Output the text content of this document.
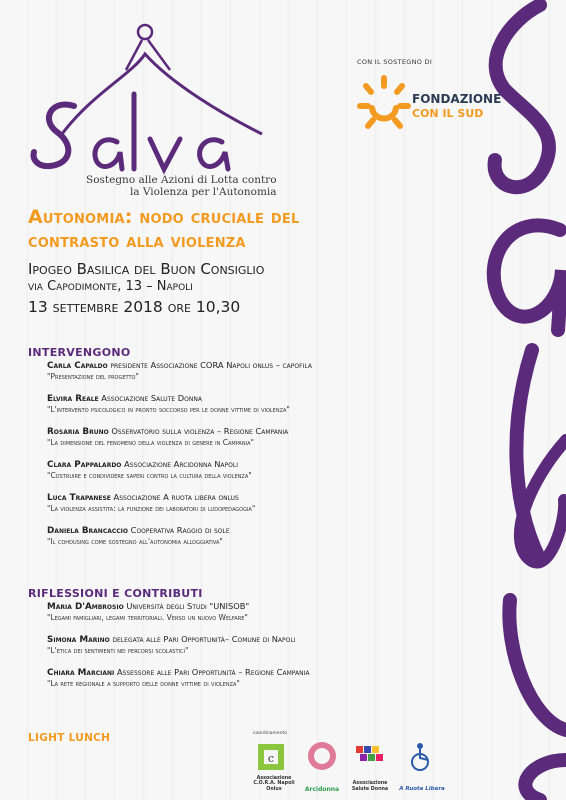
Sostegno alle Azioni di Lotta contro
la Violenza per l'Autonomia
CON IL SOSTEGNO DI
FONDAZIONE
CON IL SUD
Autonomia: nodo cruciale del
contrasto alla violenza
Ipogeo Basilica del Buon Consiglio
via Capodimonte, 13 – Napoli
13 settembre 2018 ore 10,30
INTERVENGONO
Carla Capaldo presidente Associazione CORA Napoli onlus – capofila
"Presentazione del progetto"
Elvira Reale Associazione Salute Donna
"L'intervento psicologico in pronto soccorso per le donne vittime di violenza"
Rosaria Bruno Osservatorio sulla violenza – Regione Campania
"La dimensione del fenomeno della violenza di genere in Campania"
Clara Pappalardo Associazione Arcidonna Napoli
"Costruire e condividere saperi contro la cultura della violenza"
Luca Trapanese Associazione A ruota libera onlus
"La violenza assistita: la funzione dei laboratori di ludopedagogia"
Daniela Brancaccio Cooperativa Raggio di sole
"Il cohousing come sostegno all'autonomia alloggiativa"
RIFLESSIONI E CONTRIBUTI
Maria D'Ambrosio Università degli Studi "UNISOB"
"Legami famigliari, legami territoriali. Verso un nuovo Welfare"
Simona Marino delegata alle Pari Opportunità– Comune di Napoli
"L'etica dei sentimenti nei percorsi scolastici"
Chiara Marciani Assessore alle Pari Opportunità – Regione Campania
"La rete regionale a supporto delle donne vittime di violenza"
LIGHT LUNCH	coordinamento
c
Associazione C.O.R.A. Napoli Onlus	Arcidonna
Associazione Salute Donna	A Ruota Libera
